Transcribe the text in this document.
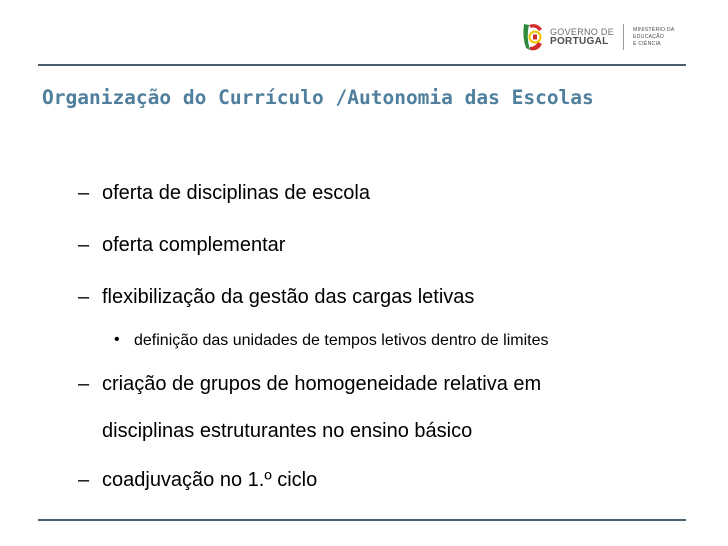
GOVERNO DE
PORTUGAL
MINISTÉRIO DA EDUCAÇÃO
E CIÊNCIA
Organização do Currículo /Autonomia das Escolas
– oferta de disciplinas de escola
– oferta complementar
– flexibilização da gestão das cargas letivas
• definição das unidades de tempos letivos dentro de limites
– criação de grupos de homogeneidade relativa em
disciplinas estruturantes no ensino básico
– coadjuvação no 1.º ciclo
